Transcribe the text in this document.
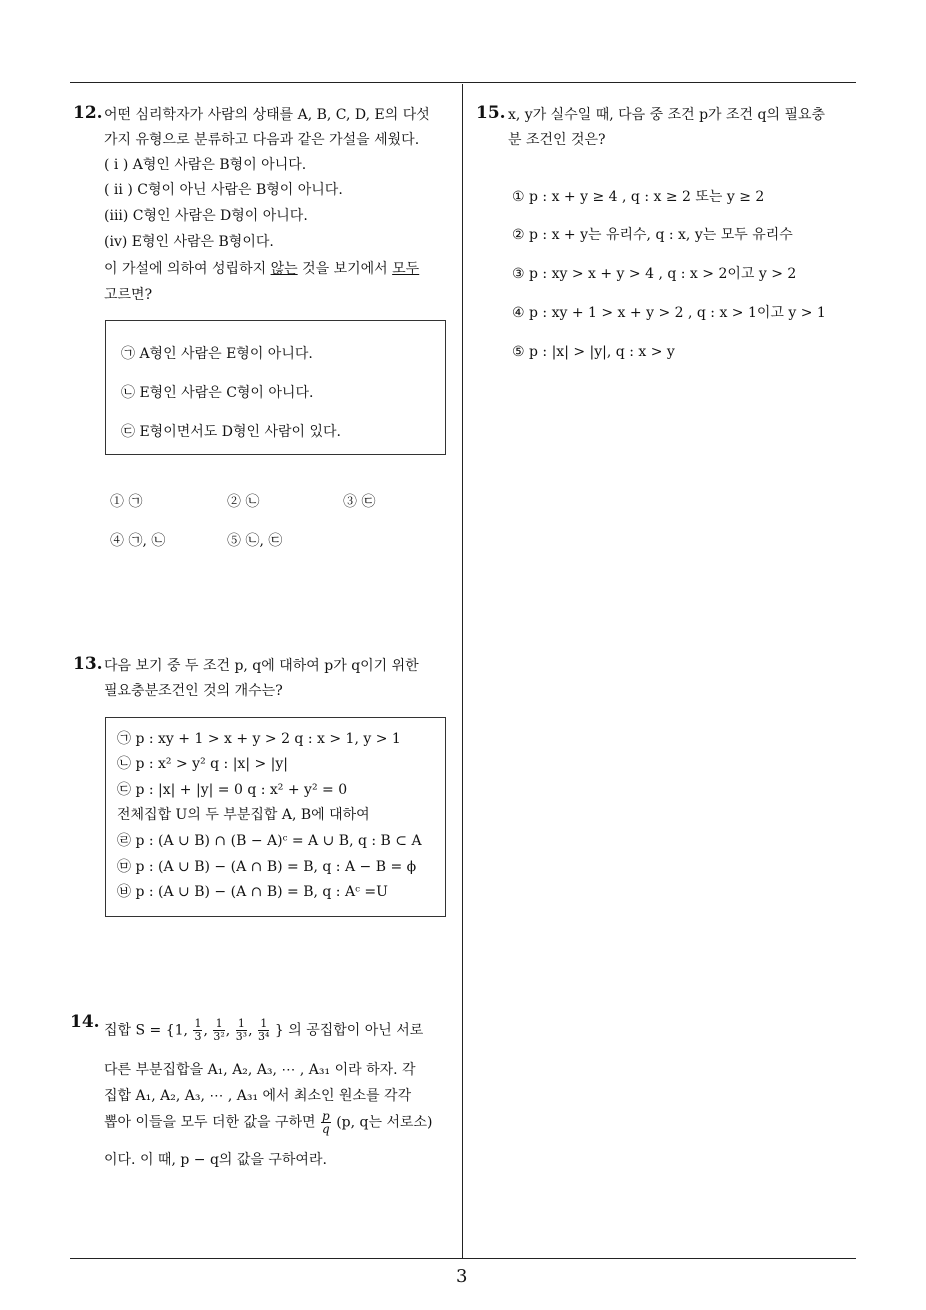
12. 어떤 심리학자가 사람의 상태를 A, B, C, D, E의 다섯
가지 유형으로 분류하고 다음과 같은 가설을 세웠다.
( i ) A형인 사람은 B형이 아니다.
( ii ) C형이 아닌 사람은 B형이 아니다.
(iii) C형인 사람은 D형이 아니다.
(iv) E형인 사람은 B형이다.
이 가설에 의하여 성립하지 않는 것을 보기에서 모두
고르면?
㉠ A형인 사람은 E형이 아니다.
㉡ E형인 사람은 C형이 아니다.
㉢ E형이면서도 D형인 사람이 있다.
① ㉠	② ㉡	③ ㉢
④ ㉠, ㉡	⑤ ㉡, ㉢
13. 다음 보기 중 두 조건 p, q에 대하여 p가 q이기 위한
필요충분조건인 것의 개수는?
㉠ p : xy + 1 > x + y > 2 q : x > 1, y > 1
㉡ p : x² > y² q : |x| > |y|
㉢ p : |x| + |y| = 0 q : x² + y² = 0
전체집합 U의 두 부분집합 A, B에 대하여
㉣ p : (A ∪ B) ∩ (B − A)ᶜ = A ∪ B, q : B ⊂ A
㉤ p : (A ∪ B) − (A ∩ B) = B, q : A − B = ϕ
㉥ p : (A ∪ B) − (A ∩ B) = B, q : Aᶜ =U
14. 집합 S = {1, $\frac{1}{3}$ , $\frac{1}{\text{3²}}$ , $\frac{1}{\text{3³}}$ , $\frac{1}{\text{3⁴}}$ } 의 공집합이 아닌 서로
다른 부분집합을 A₁, A₂, A₃, ⋯ , A₃₁ 이라 하자. 각
집합 A₁, A₂, A₃, ⋯ , A₃₁ 에서 최소인 원소를 각각
뽑아 이들을 모두 더한 값을 구하면 $\frac{p}{q} (p$, q는 서로소)
이다. 이 때, p − q의 값을 구하여라.
15. x, y가 실수일 때, 다음 중 조건 p가 조건 q의 필요충
분 조건인 것은?
① p : x + y ≥ 4 , q : x ≥ 2 또는 y ≥ 2
② p : x + y는 유리수, q : x, y는 모두 유리수
③ p : xy > x + y > 4 , q : x > 2이고 y > 2
④ p : xy + 1 > x + y > 2 , q : x > 1이고 y > 1
⑤ p : |x| > |y|, q : x > y
3
